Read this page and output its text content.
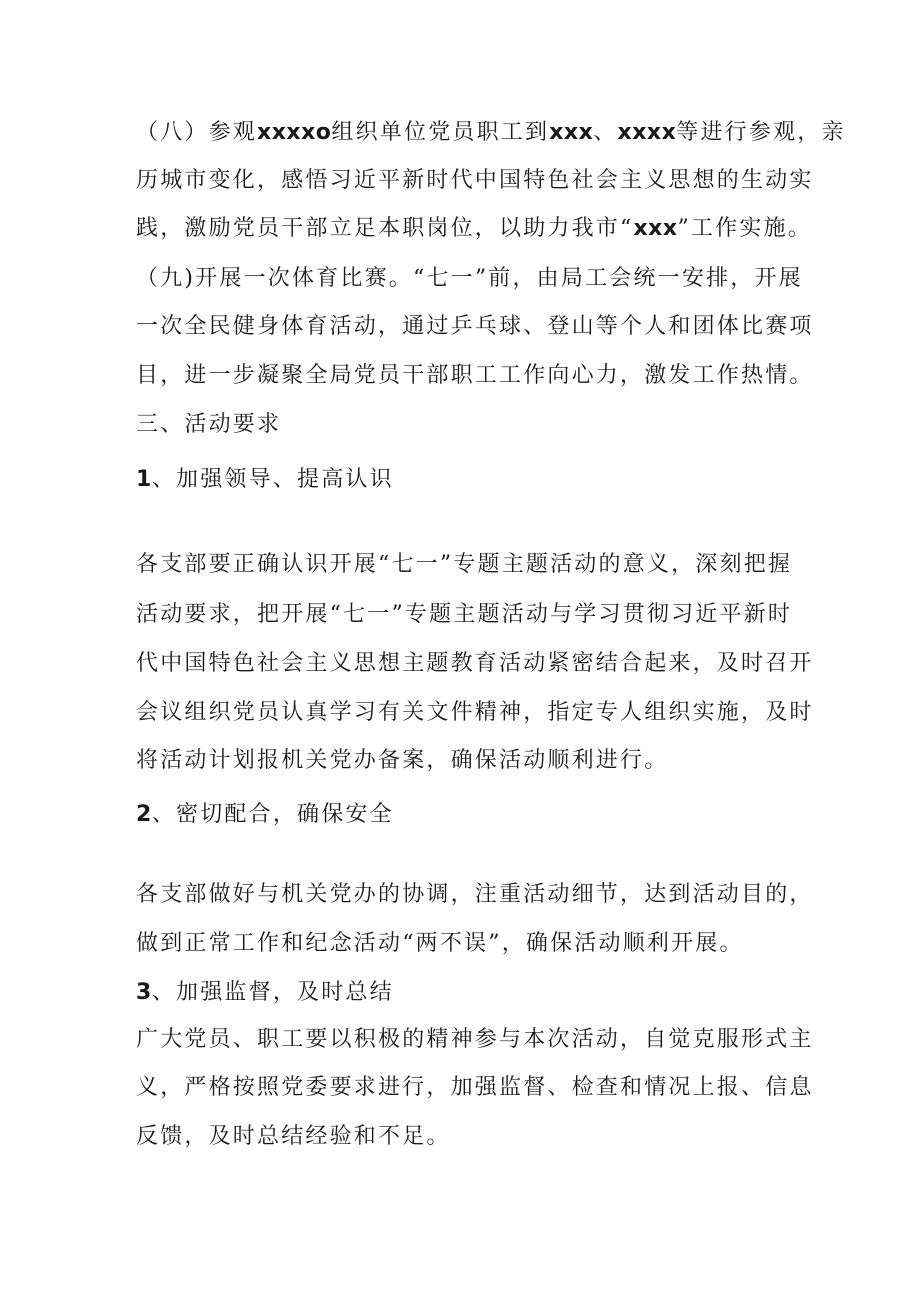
（八）参观xxxxo组织单位党员职工到xxx、xxxx等进行参观，亲
历城市变化，感悟习近平新时代中国特色社会主义思想的生动实
践，激励党员干部立足本职岗位，以助力我市“xxx”工作实施。
（九)开展一次体育比赛。“七一”前，由局工会统一安排，开展
一次全民健身体育活动，通过乒乓球、登山等个人和团体比赛项
目，进一步凝聚全局党员干部职工工作向心力，激发工作热情。
三、活动要求
1、加强领导、提高认识
各支部要正确认识开展“七一”专题主题活动的意义，深刻把握
活动要求，把开展“七一”专题主题活动与学习贯彻习近平新时
代中国特色社会主义思想主题教育活动紧密结合起来，及时召开
会议组织党员认真学习有关文件精神，指定专人组织实施，及时
将活动计划报机关党办备案，确保活动顺利进行。
2、密切配合，确保安全
各支部做好与机关党办的协调，注重活动细节，达到活动目的，
做到正常工作和纪念活动“两不误”，确保活动顺利开展。
3、加强监督，及时总结
广大党员、职工要以积极的精神参与本次活动，自觉克服形式主
义，严格按照党委要求进行，加强监督、检查和情况上报、信息
反馈，及时总结经验和不足。
